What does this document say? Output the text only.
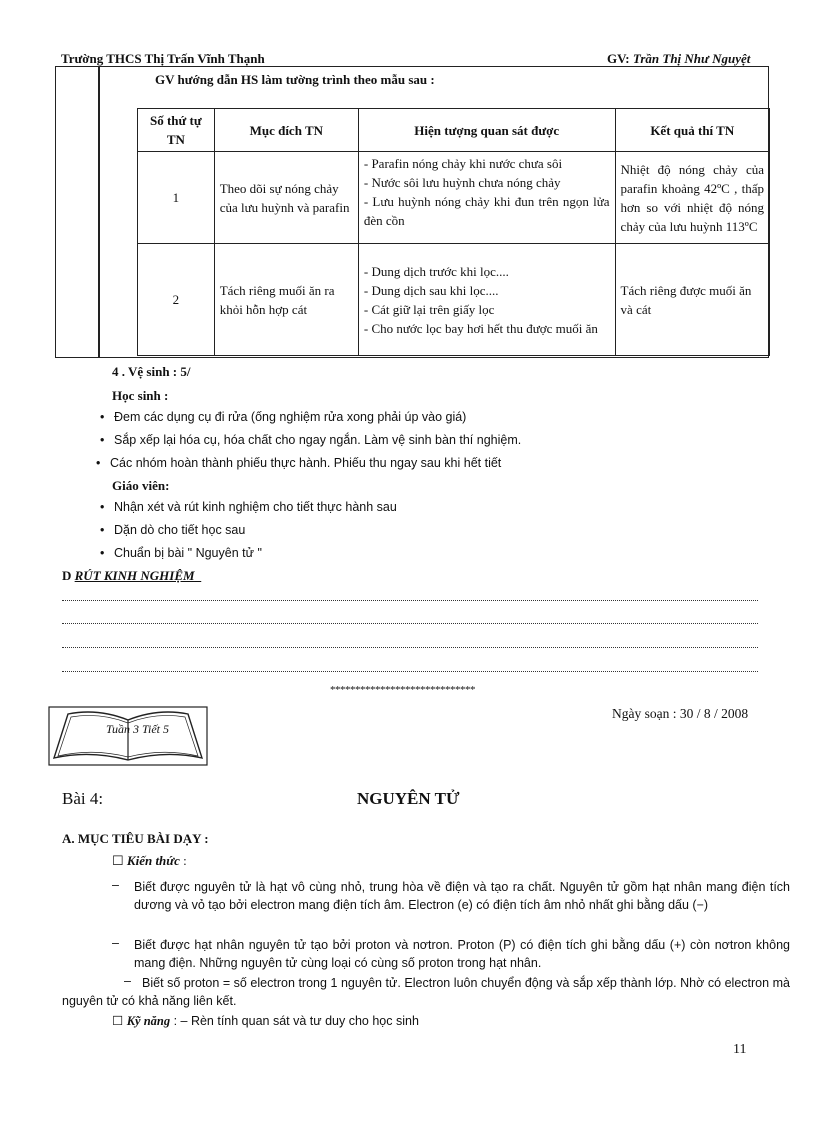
Trường THCS Thị Trấn Vĩnh Thạnh	GV: Trần Thị Như Nguyệt
GV hướng dẫn HS làm tường trình theo mẫu sau :
Số thứ tự TN	Mục đích TN	Hiện tượng quan sát được	Kết quả thí TN
1	Theo dõi sự nóng chảy của lưu huỳnh và parafin	- Parafin nóng chảy khi nước chưa sôi
- Nước sôi lưu huỳnh chưa nóng chảy
- Lưu huỳnh nóng chảy khi đun trên ngọn lửa đèn cồn	Nhiệt độ nóng chảy của parafin khoảng 42ºC , thấp hơn so với nhiệt độ nóng chảy của lưu huỳnh 113ºC
2	Tách riêng muối ăn ra khỏi hỗn hợp cát	- Dung dịch trước khi lọc....
- Dung dịch sau khi lọc....
- Cát giữ lại trên giấy lọc
- Cho nước lọc bay hơi hết thu được muối ăn	Tách riêng được muối ăn và cát
4 . Vệ sinh : 5/
Học sinh :
• Đem các dụng cụ đi rửa (ống nghiệm rửa xong phải úp vào giá)
• Sắp xếp lại hóa cụ, hóa chất cho ngay ngắn. Làm vệ sinh bàn thí nghiệm.
• Các nhóm hoàn thành phiếu thực hành. Phiếu thu ngay sau khi hết tiết
Giáo viên:
• Nhận xét và rút kinh nghiệm cho tiết thực hành sau
• Dặn dò cho tiết học sau
• Chuẩn bị bài " Nguyên tử "
D RÚT KINH NGHIỆM_
*****************************
Tuần 3 Tiết 5
Ngày soạn : 30 / 8 / 2008
Bài 4:	NGUYÊN TỬ
A. MỤC TIÊU BÀI DẠY :
☐ Kiến thức :
– Biết được nguyên tử là hạt vô cùng nhỏ, trung hòa về điện và tạo ra chất. Nguyên tử gồm hạt nhân mang điện tích dương và vỏ tạo bởi electron mang điện tích âm. Electron (e) có điện tích âm nhỏ nhất ghi bằng dấu (−)
– Biết được hạt nhân nguyên tử tạo bởi proton và nơtron. Proton (P) có điện tích ghi bằng dấu (+) còn nơtron không mang điện. Những nguyên tử cùng loại có cùng số proton trong hạt nhân.
– Biết số proton = số electron trong 1 nguyên tử. Electron luôn chuyển động và sắp xếp thành lớp. Nhờ có electron mà nguyên tử có khả năng liên kết.
☐ Kỹ năng : – Rèn tính quan sát và tư duy cho học sinh
11
